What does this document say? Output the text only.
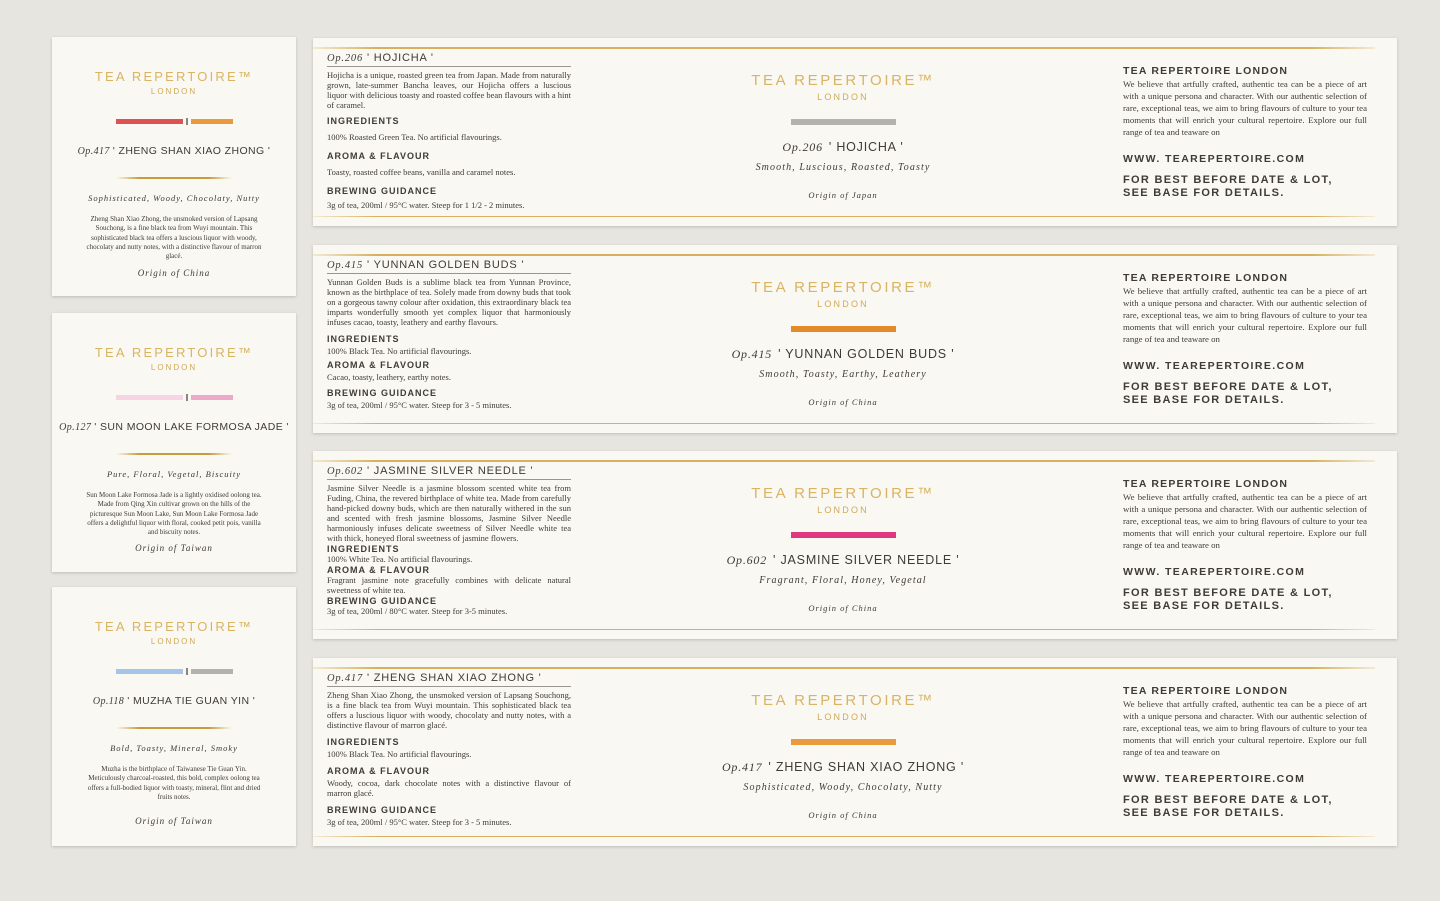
TEA REPERTOIRE™
LONDON
Op.417 ' ZHENG SHAN XIAO ZHONG '
Sophisticated, Woody, Chocolaty, Nutty
Zheng Shan Xiao Zhong, the unsmoked version of Lapsang Souchong, is a fine black tea from Wuyi mountain. This sophisticated black tea offers a luscious liquor with woody, chocolaty and nutty notes, with a distinctive flavour of marron glacé.
Origin of China
TEA REPERTOIRE™
LONDON
Op.127 ' SUN MOON LAKE FORMOSA JADE '
Pure, Floral, Vegetal, Biscuity
Sun Moon Lake Formosa Jade is a lightly oxidised oolong tea. Made from Qing Xin cultivar grown on the hills of the picturesque Sun Moon Lake, Sun Moon Lake Formosa Jade offers a delightful liquor with floral, cooked petit pois, vanilla and biscuity notes.
Origin of Taiwan
TEA REPERTOIRE™
LONDON
Op.118 ' MUZHA TIE GUAN YIN '
Bold, Toasty, Mineral, Smoky
Muzha is the birthplace of Taiwanese Tie Guan Yin. Meticulously charcoal-roasted, this bold, complex oolong tea offers a full-bodied liquor with toasty, mineral, flint and dried fruits notes.
Origin of Taiwan
Op.206 ' HOJICHA '
Hojicha is a unique, roasted green tea from Japan. Made from naturally grown, late-summer Bancha leaves, our Hojicha offers a luscious liquor with delicious toasty and roasted coffee bean flavours with a hint of caramel.
INGREDIENTS
100% Roasted Green Tea. No artificial flavourings.
AROMA & FLAVOUR
Toasty, roasted coffee beans, vanilla and caramel notes.
BREWING GUIDANCE
3g of tea, 200ml / 95°C water. Steep for 1 1/2 - 2 minutes.
TEA REPERTOIRE™
LONDON
Op.206 ' HOJICHA '
Smooth, Luscious, Roasted, Toasty
Origin of Japan
TEA REPERTOIRE LONDON
We believe that artfully crafted, authentic tea can be a piece of art with a unique persona and character. With our authentic selection of rare, exceptional teas, we aim to bring flavours of culture to your tea moments that will enrich your cultural repertoire. Explore our full range of tea and teaware on
WWW. TEAREPERTOIRE.COM
FOR BEST BEFORE DATE & LOT,
SEE BASE FOR DETAILS.
Op.415 ' YUNNAN GOLDEN BUDS '
Yunnan Golden Buds is a sublime black tea from Yunnan Province, known as the birthplace of tea. Solely made from downy buds that took on a gorgeous tawny colour after oxidation, this extraordinary black tea imparts wonderfully smooth yet complex liquor that harmoniously infuses cacao, toasty, leathery and earthy flavours.
INGREDIENTS
100% Black Tea. No artificial flavourings.
AROMA & FLAVOUR
Cacao, toasty, leathery, earthy notes.
BREWING GUIDANCE
3g of tea, 200ml / 95°C water. Steep for 3 - 5 minutes.
TEA REPERTOIRE™
LONDON
Op.415 ' YUNNAN GOLDEN BUDS '
Smooth, Toasty, Earthy, Leathery
Origin of China
TEA REPERTOIRE LONDON
We believe that artfully crafted, authentic tea can be a piece of art with a unique persona and character. With our authentic selection of rare, exceptional teas, we aim to bring flavours of culture to your tea moments that will enrich your cultural repertoire. Explore our full range of tea and teaware on
WWW. TEAREPERTOIRE.COM
FOR BEST BEFORE DATE & LOT,
SEE BASE FOR DETAILS.
Op.602 ' JASMINE SILVER NEEDLE '
Jasmine Silver Needle is a jasmine blossom scented white tea from Fuding, China, the revered birthplace of white tea. Made from carefully hand-picked downy buds, which are then naturally withered in the sun and scented with fresh jasmine blossoms, Jasmine Silver Needle harmoniously infuses delicate sweetness of Silver Needle white tea with thick, honeyed floral sweetness of jasmine flowers.
INGREDIENTS
100% White Tea. No artificial flavourings.
AROMA & FLAVOUR
Fragrant jasmine note gracefully combines with delicate natural sweetness of white tea.
BREWING GUIDANCE
3g of tea, 200ml / 80°C water. Steep for 3-5 minutes.
TEA REPERTOIRE™
LONDON
Op.602 ' JASMINE SILVER NEEDLE '
Fragrant, Floral, Honey, Vegetal
Origin of China
TEA REPERTOIRE LONDON
We believe that artfully crafted, authentic tea can be a piece of art with a unique persona and character. With our authentic selection of rare, exceptional teas, we aim to bring flavours of culture to your tea moments that will enrich your cultural repertoire. Explore our full range of tea and teaware on
WWW. TEAREPERTOIRE.COM
FOR BEST BEFORE DATE & LOT,
SEE BASE FOR DETAILS.
Op.417 ' ZHENG SHAN XIAO ZHONG '
Zheng Shan Xiao Zhong, the unsmoked version of Lapsang Souchong, is a fine black tea from Wuyi mountain. This sophisticated black tea offers a luscious liquor with woody, chocolaty and nutty notes, with a distinctive flavour of marron glacé.
INGREDIENTS
100% Black Tea. No artificial flavourings.
AROMA & FLAVOUR
Woody, cocoa, dark chocolate notes with a distinctive flavour of marron glacé.
BREWING GUIDANCE
3g of tea, 200ml / 95°C water. Steep for 3 - 5 minutes.
TEA REPERTOIRE™
LONDON
Op.417 ' ZHENG SHAN XIAO ZHONG '
Sophisticated, Woody, Chocolaty, Nutty
Origin of China
TEA REPERTOIRE LONDON
We believe that artfully crafted, authentic tea can be a piece of art with a unique persona and character. With our authentic selection of rare, exceptional teas, we aim to bring flavours of culture to your tea moments that will enrich your cultural repertoire. Explore our full range of tea and teaware on
WWW. TEAREPERTOIRE.COM
FOR BEST BEFORE DATE & LOT,
SEE BASE FOR DETAILS.
